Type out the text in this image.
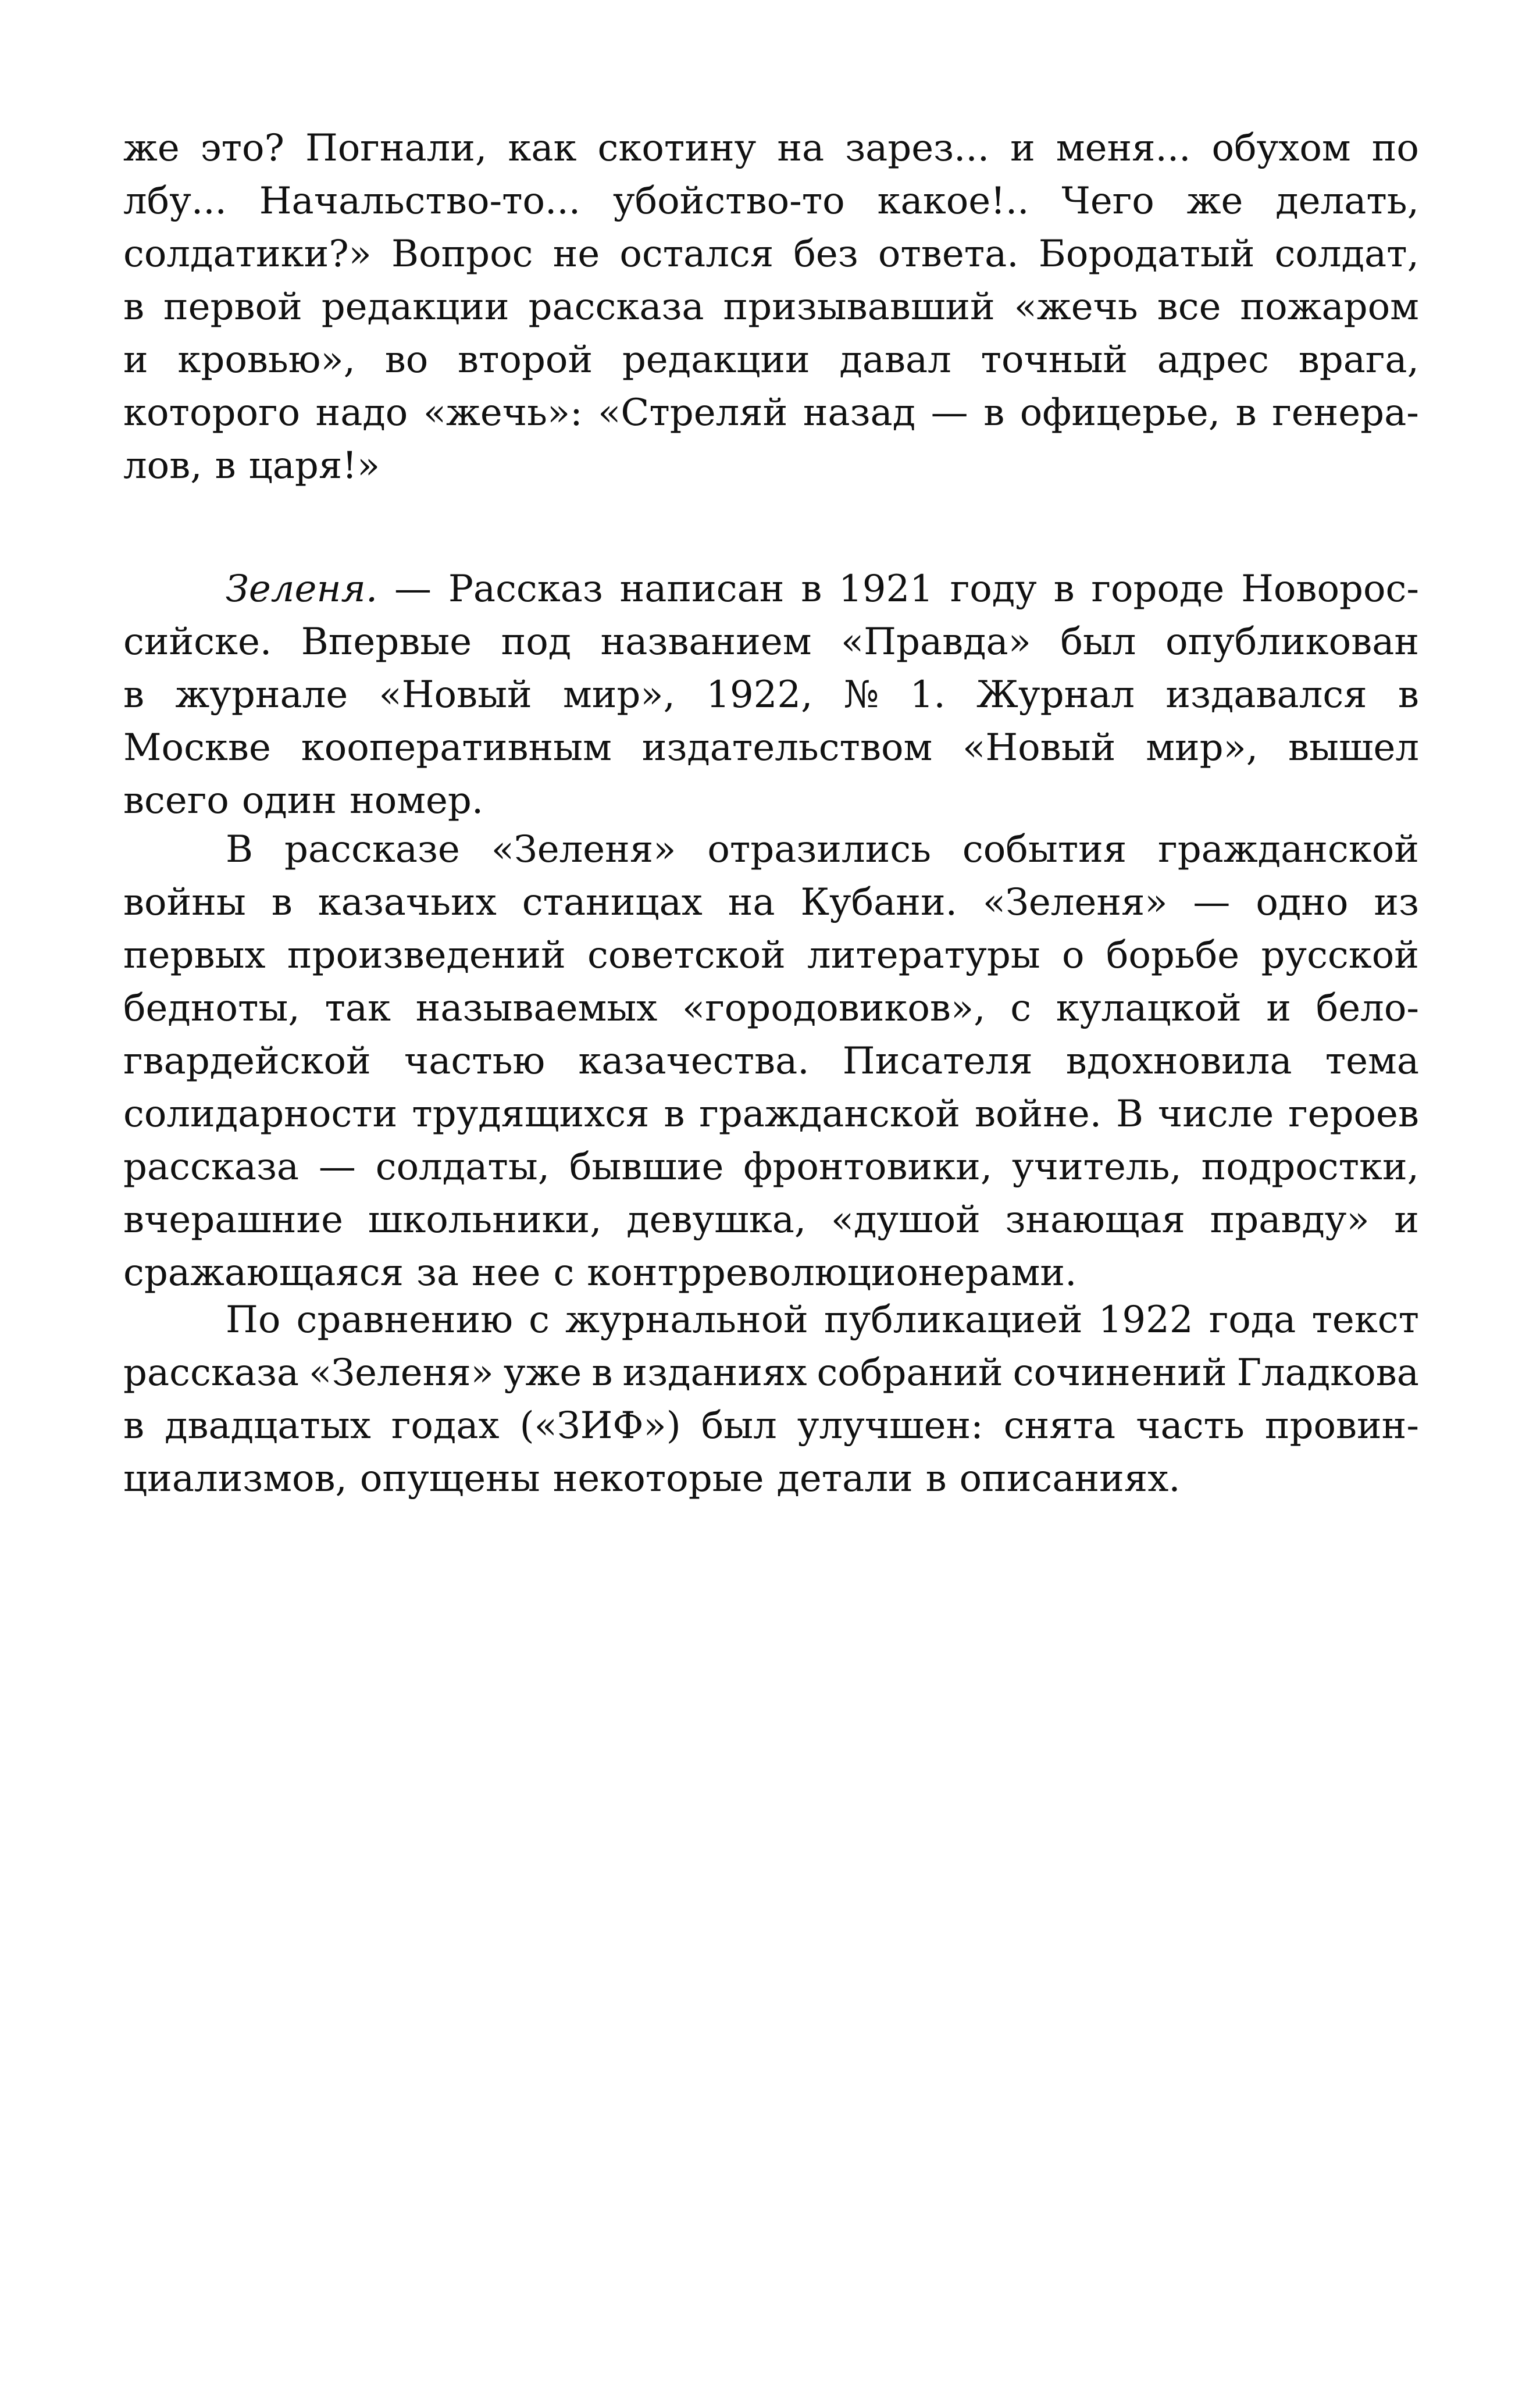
же это? Погнали, как скотину на зарез... и меня... обухом по
лбу... Начальство-то... убойство-то какое!.. Чего же делать,
солдатики?» Вопрос не остался без ответа. Бородатый солдат,
в первой редакции рассказа призывавший «жечь все пожаром
и кровью», во второй редакции давал точный адрес врага,
которого надо «жечь»: «Стреляй назад — в офицерье, в генера-
лов, в царя!»
Зеленя. — Рассказ написан в 1921 году в городе Новорос-
сийске. Впервые под названием «Правда» был опубликован
в журнале «Новый мир», 1922, № 1. Журнал издавался в
Москве кооперативным издательством «Новый мир», вышел
всего один номер.
В рассказе «Зеленя» отразились события гражданской
войны в казачьих станицах на Кубани. «Зеленя» — одно из
первых произведений советской литературы о борьбе русской
бедноты, так называемых «городовиков», с кулацкой и бело-
гвардейской частью казачества. Писателя вдохновила тема
солидарности трудящихся в гражданской войне. В числе героев
рассказа — солдаты, бывшие фронтовики, учитель, подростки,
вчерашние школьники, девушка, «душой знающая правду» и
сражающаяся за нее с контрреволюционерами.
По сравнению с журнальной публикацией 1922 года текст
рассказа «Зеленя» уже в изданиях собраний сочинений Гладкова
в двадцатых годах («ЗИФ») был улучшен: снята часть провин-
циализмов, опущены некоторые детали в описаниях.
